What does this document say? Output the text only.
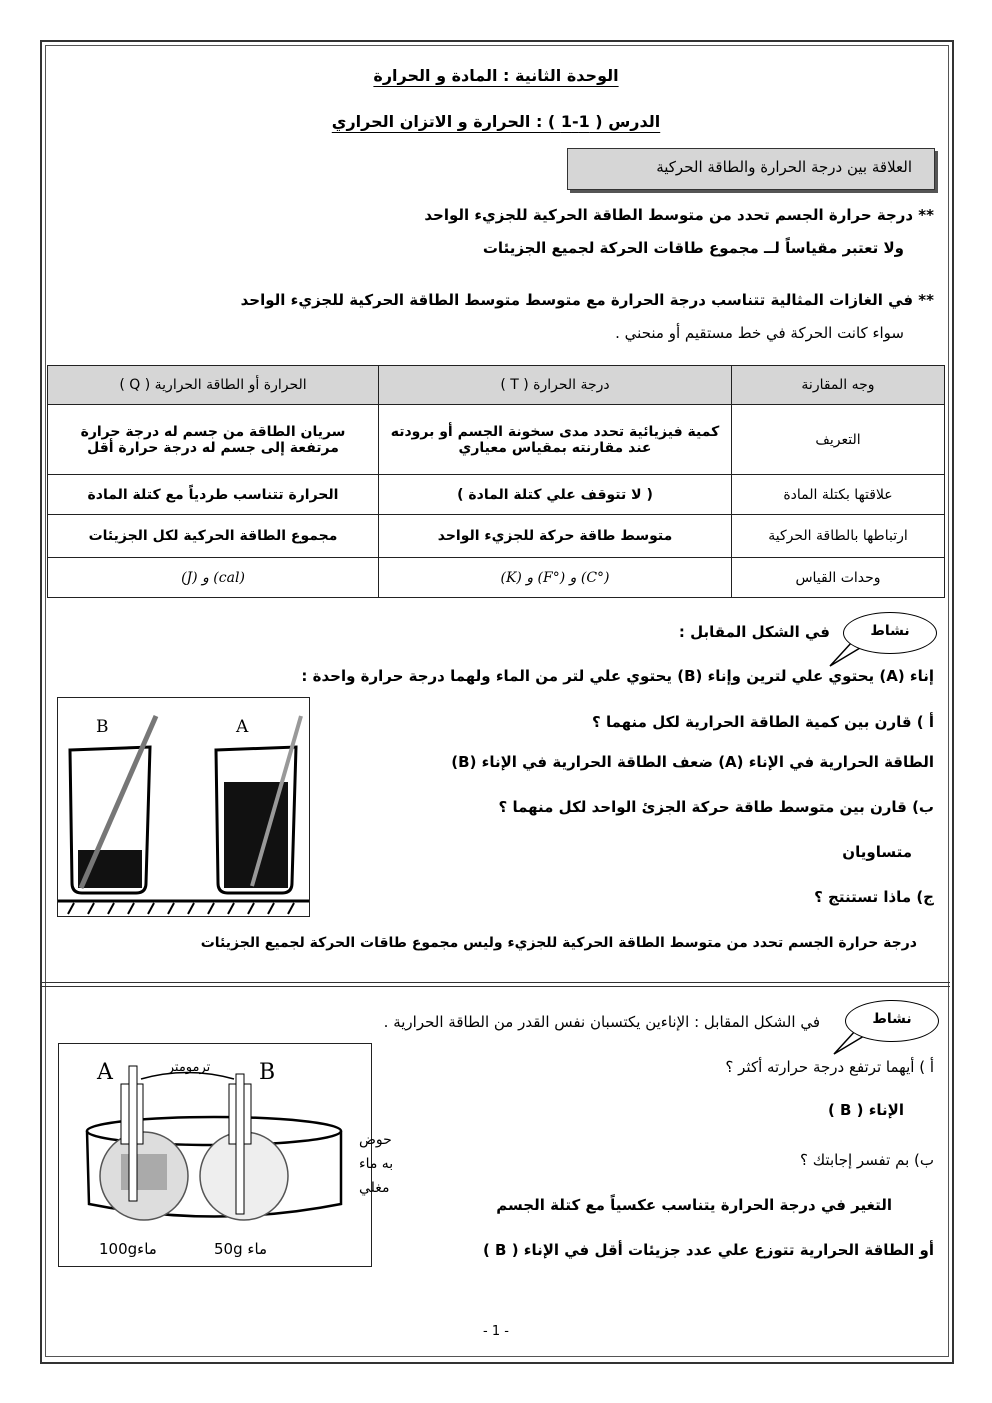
الوحدة الثانية : المادة و الحرارة
الدرس ( 1-1 ) : الحرارة و الاتزان الحراري
العلاقة بين درجة الحرارة والطاقة الحركية
** درجة حرارة الجسم تحدد من متوسط الطاقة الحركية للجزيء الواحد
ولا تعتبر مقياساً لــ مجموع طاقات الحركة لجميع الجزيئات
** في الغازات المثالية تتناسب درجة الحرارة مع متوسط متوسط الطاقة الحركية للجزيء الواحد
سواء كانت الحركة في خط مستقيم أو منحني .
وجه المقارنة	درجة الحرارة ( T )	الحرارة أو الطاقة الحرارية ( Q )
التعريف	كمية فيزيائية تحدد مدى سخونة الجسم أو برودته عند مقارنته بمقياس معياري	سريان الطاقة من جسم له درجة حرارة مرتفعة إلى جسم له درجة حرارة أقل
علاقتها بكتلة المادة	( لا تتوقف علي كتلة المادة )	الحرارة تتناسب طردياً مع كتلة المادة
ارتباطها بالطاقة الحركية	متوسط طاقة حركة للجزيء الواحد	مجموع الطاقة الحركية لكل الجزيئات
وحدات القياس	(°C) و (°F) و (K)	(cal) و (J)
نشاط
في الشكل المقابل :
إناء (A) يحتوي علي لترين وإناء (B) يحتوي علي لتر من الماء ولهما درجة حرارة واحدة :
B	A	أ ) قارن بين كمية الطاقة الحرارية لكل منهما ؟
الطاقة الحرارية في الإناء (A) ضعف الطاقة الحرارية في الإناء (B)
ب) قارن بين متوسط طاقة حركة الجزئ الواحد لكل منهما ؟
متساويان
ج) ماذا تستنتج ؟
درجة حرارة الجسم تحدد من متوسط الطاقة الحركية للجزيء وليس مجموع طاقات الحركة لجميع الجزيئات
نشاط
في الشكل المقابل : الإناءين يكتسبان نفس القدر من الطاقة الحرارية .
A	B
ترمومتر
حوض
به ماء
مغلي
100gماء	50g ماء
أ ) أيهما ترتفع درجة حرارته أكثر ؟
الإناء ( B )
ب) بم تفسر إجابتك ؟
التغير في درجة الحرارة يتناسب عكسياً مع كتلة الجسم
أو الطاقة الحرارية تتوزع علي عدد جزيئات أقل في الإناء ( B )
- 1 -
